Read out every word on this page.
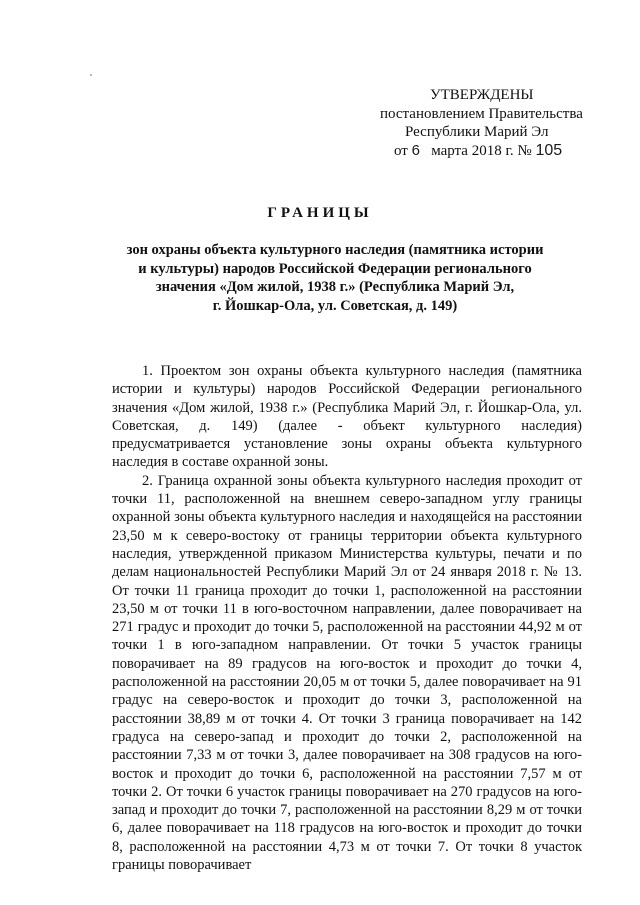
УТВЕРЖДЕНЫ
постановлением Правительства
Республики Марий Эл
от 6 марта 2018 г. № 105
ГРАНИЦЫ
зон охраны объекта культурного наследия (памятника истории
и культуры) народов Российской Федерации регионального
значения «Дом жилой, 1938 г.» (Республика Марий Эл,
г. Йошкар-Ола, ул. Советская, д. 149)

1. Проектом зон охраны объекта культурного наследия (памятника истории и культуры) народов Российской Федерации регионального значения «Дом жилой, 1938 г.» (Республика Марий Эл, г. Йошкар-Ола, ул. Советская, д. 149) (далее - объект культурного наследия) предусматривается установление зоны охраны объекта культурного наследия в составе охранной зоны.

2. Граница охранной зоны объекта культурного наследия проходит от точки 11, расположенной на внешнем северо-западном углу границы охранной зоны объекта культурного наследия и находящейся на расстоянии 23,50 м к северо-востоку от границы территории объекта культурного наследия, утвержденной приказом Министерства культуры, печати и по делам национальностей Республики Марий Эл от 24 января 2018 г. № 13. От точки 11 граница проходит до точки 1, расположенной на расстоянии 23,50 м от точки 11 в юго-восточном направлении, далее поворачивает на 271 градус и проходит до точки 5, расположенной на расстоянии 44,92 м от точки 1 в юго-западном направлении. От точки 5 участок границы поворачивает на 89 градусов на юго-восток и проходит до точки 4, расположенной на расстоянии 20,05 м от точки 5, далее поворачивает на 91 градус на северо-восток и проходит до точки 3, расположенной на расстоянии 38,89 м от точки 4. От точки 3 граница поворачивает на 142 градуса на северо-запад и проходит до точки 2, расположенной на расстоянии 7,33 м от точки 3, далее поворачивает на 308 градусов на юго-восток и проходит до точки 6, расположенной на расстоянии 7,57 м от точки 2. От точки 6 участок границы поворачивает на 270 градусов на юго-запад и проходит до точки 7, расположенной на расстоянии 8,29 м от точки 6, далее поворачивает на 118 градусов на юго-восток и проходит до точки 8, расположенной на расстоянии 4,73 м от точки 7. От точки 8 участок границы поворачивает
